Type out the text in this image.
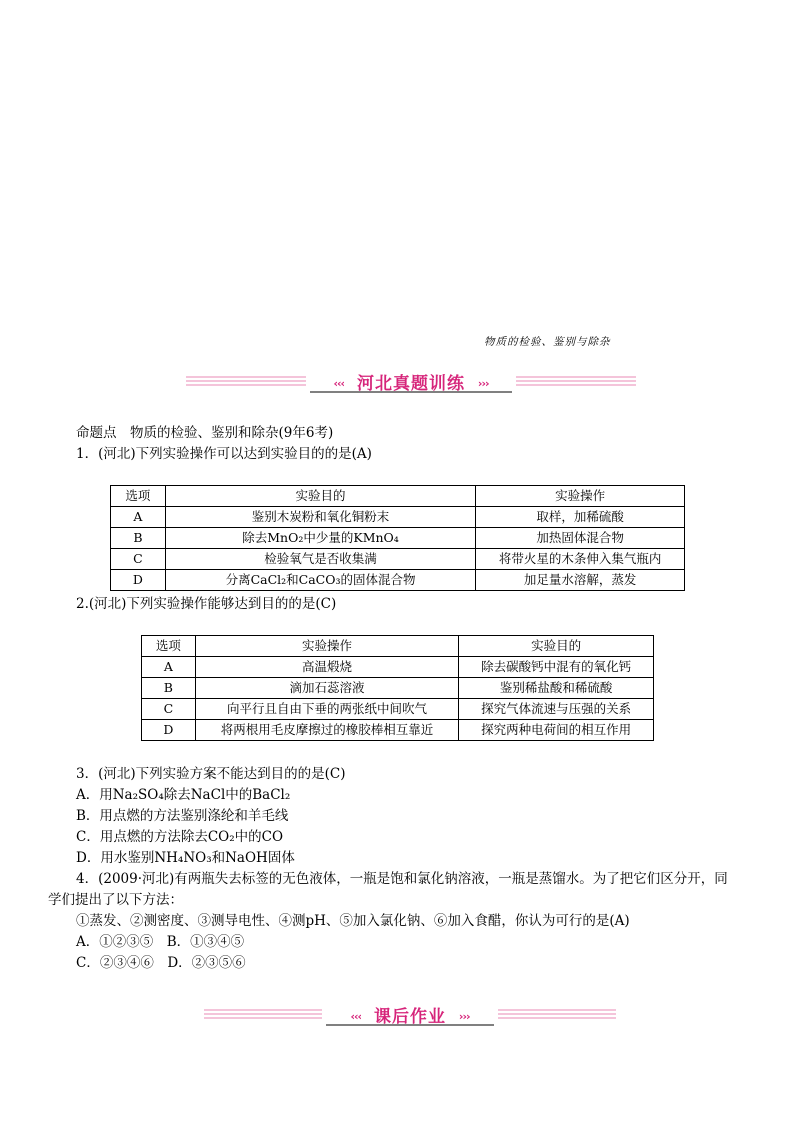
物质的检验、鉴别与除杂
‹‹‹ 河北真题训练 ›››
命题点　物质的检验、鉴别和除杂(9年6考)
1．(河北)下列实验操作可以达到实验目的的是(A)
选项	实验目的	实验操作
A	鉴别木炭粉和氧化铜粉末	取样，加稀硫酸
B	除去MnO₂中少量的KMnO₄	加热固体混合物
C	检验氧气是否收集满	将带火星的木条伸入集气瓶内
D	分离CaCl₂和CaCO₃的固体混合物	加足量水溶解，蒸发
2.(河北)下列实验操作能够达到目的的是(C)
选项	实验操作	实验目的
A	高温煅烧	除去碳酸钙中混有的氧化钙
B	滴加石蕊溶液	鉴别稀盐酸和稀硫酸
C	向平行且自由下垂的两张纸中间吹气	探究气体流速与压强的关系
D	将两根用毛皮摩擦过的橡胶棒相互靠近	探究两种电荷间的相互作用
3．(河北)下列实验方案不能达到目的的是(C)
A．用Na₂SO₄除去NaCl中的BaCl₂
B．用点燃的方法鉴别涤纶和羊毛线
C．用点燃的方法除去CO₂中的CO
D．用水鉴别NH₄NO₃和NaOH固体
4．(2009·河北)有两瓶失去标签的无色液体，一瓶是饱和氯化钠溶液，一瓶是蒸馏水。为了把它们区分开，同
学们提出了以下方法：
①蒸发、②测密度、③测导电性、④测pH、⑤加入氯化钠、⑥加入食醋，你认为可行的是(A)
A．①②③⑤　B．①③④⑤
C．②③④⑥　D．②③⑤⑥
‹‹‹ 课后作业 ›››
